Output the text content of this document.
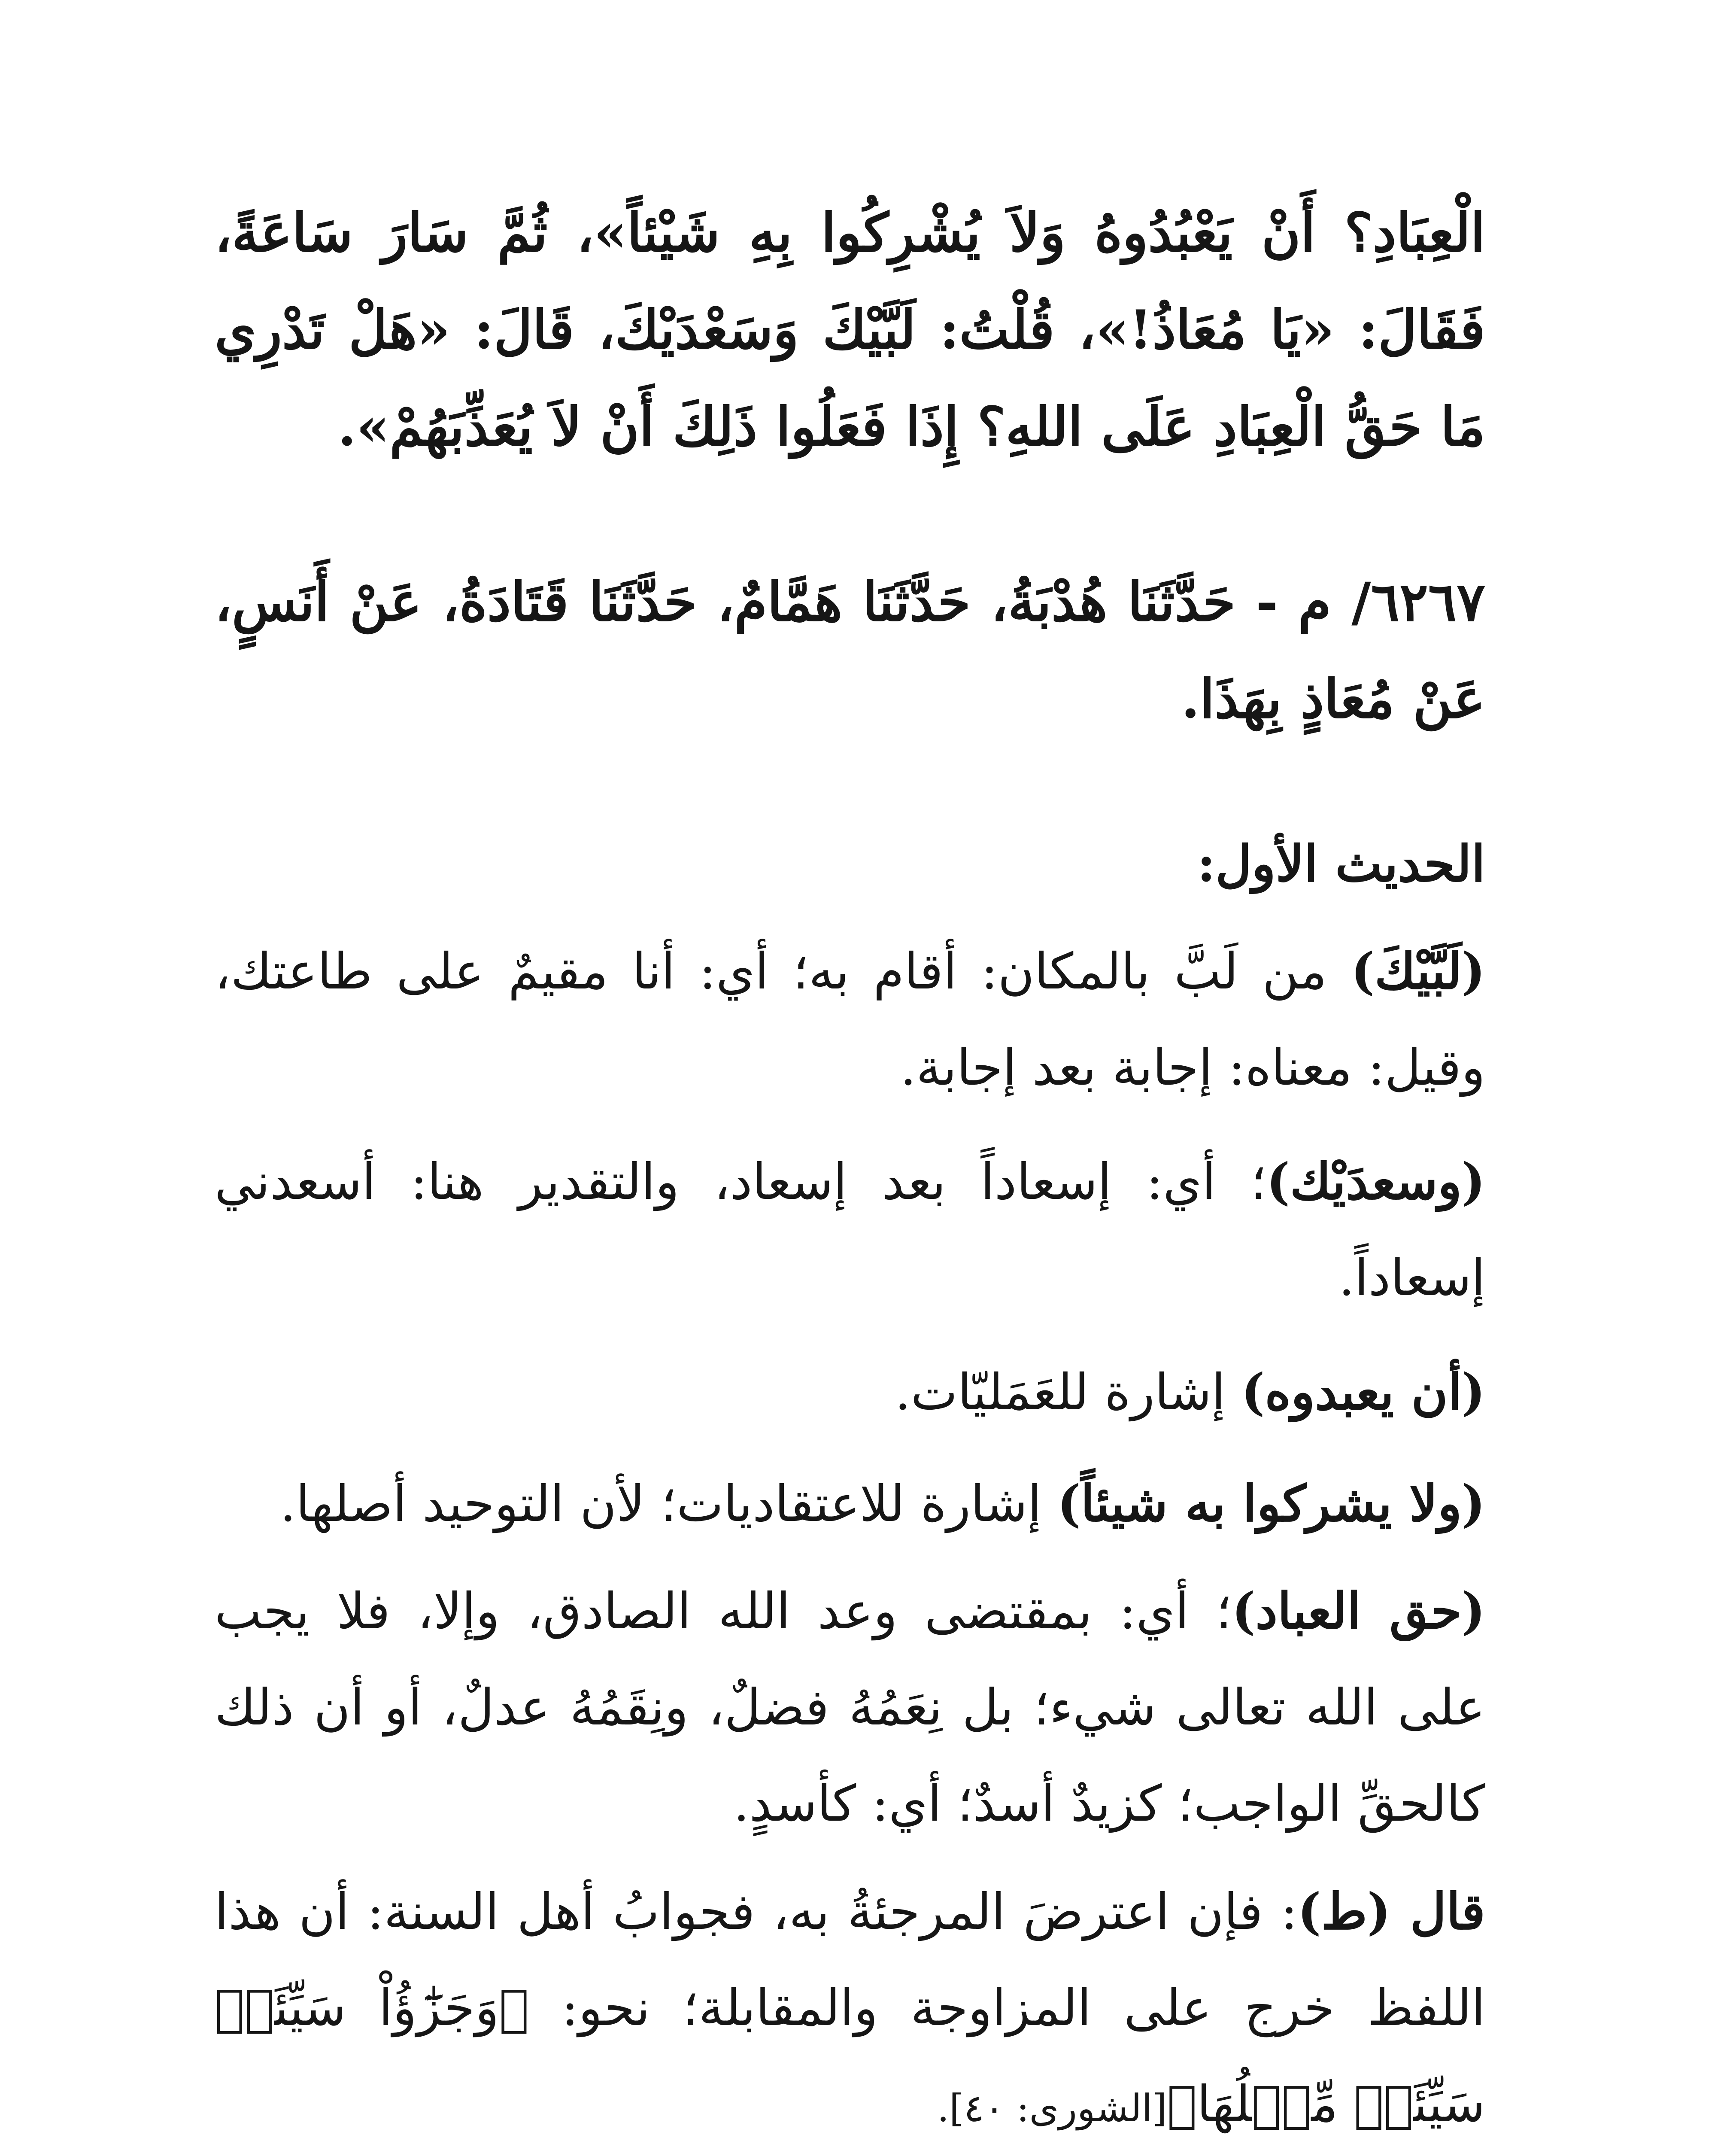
الْعِبَادِ؟ أَنْ يَعْبُدُوهُ وَلاَ يُشْرِكُوا بِهِ شَيْئاً»، ثُمَّ سَارَ سَاعَةً، فَقَالَ: «يَا مُعَاذُ!»، قُلْتُ: لَبَّيْكَ وَسَعْدَيْكَ، قَالَ: «هَلْ تَدْرِي مَا حَقُّ الْعِبَادِ عَلَى اللهِ؟ إِذَا فَعَلُوا ذَلِكَ أَنْ لاَ يُعَذِّبَهُمْ».

٦٢٦٧/ م - حَدَّثَنَا هُدْبَةُ، حَدَّثَنَا هَمَّامٌ، حَدَّثَنَا قَتَادَةُ، عَنْ أَنَسٍ، عَنْ مُعَاذٍ بِهَذَا.

الحديث الأول:

(لَبَّيْكَ) من لَبَّ بالمكان: أقام به؛ أي: أنا مقيمٌ على طاعتك، وقيل: معناه: إجابة بعد إجابة.

(وسعدَيْك)؛ أي: إسعاداً بعد إسعاد، والتقدير هنا: أسعدني إسعاداً.

(أن يعبدوه) إشارة للعَمَليّات.

(ولا يشركوا به شيئاً) إشارة للاعتقاديات؛ لأن التوحيد أصلها.

(حق العباد)؛ أي: بمقتضى وعد الله الصادق، وإلا، فلا يجب على الله تعالى شيء؛ بل نِعَمُهُ فضلٌ، ونِقَمُهُ عدلٌ، أو أن ذلك كالحقِّ الواجب؛ كزيدٌ أسدٌ؛ أي: كأسدٍ.

قال (ط): فإن اعترضَ المرجئةُ به، فجوابُ أهل السنة: أن هذا اللفظ خرج على المزاوجة والمقابلة؛ نحو: ﴿وَجَزَٰٓؤُاْ سَيِّئَةٖ سَيِّئَةٞ مِّثۡلُهَا﴾[الشورى: ٤٠].
